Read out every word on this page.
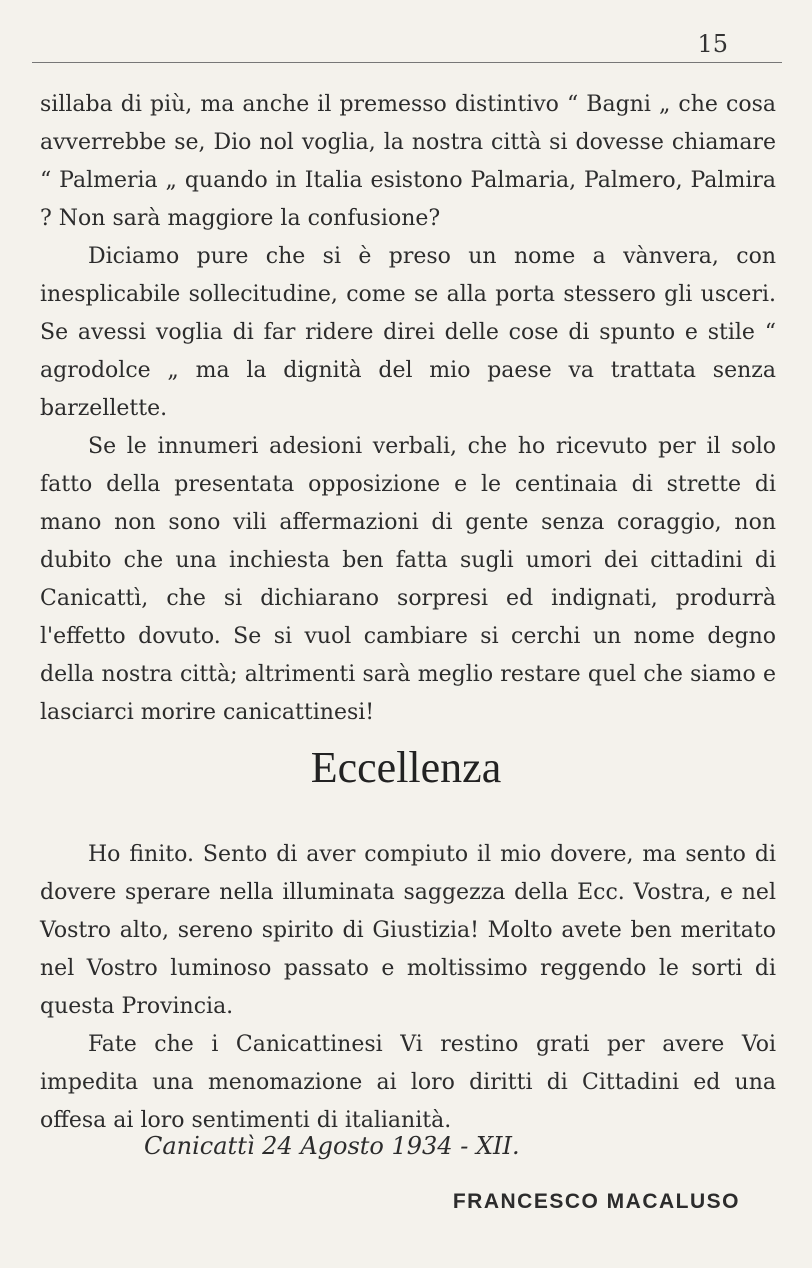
15

sillaba di più, ma anche il premesso distintivo “ Bagni „ che cosa avverrebbe se, Dio nol voglia, la nostra città si dovesse chiamare “ Palmeria „ quando in Italia esistono Palmaria, Palmero, Palmira ? Non sarà maggiore la confusione?

Diciamo pure che si è preso un nome a vànvera, con inesplicabile sollecitudine, come se alla porta stessero gli usceri. Se avessi voglia di far ridere direi delle cose di spunto e stile “ agrodolce „ ma la dignità del mio paese va trattata senza barzellette.

Se le innumeri adesioni verbali, che ho ricevuto per il solo fatto della presentata opposizione e le centinaia di strette di mano non sono vili affermazioni di gente senza coraggio, non dubito che una inchiesta ben fatta sugli umori dei cittadini di Canicattì, che si dichiarano sorpresi ed indignati, produrrà l'effetto dovuto. Se si vuol cambiare si cerchi un nome degno della nostra città; altrimenti sarà meglio restare quel che siamo e lasciarci morire canicattinesi!

Eccellenza

Ho finito. Sento di aver compiuto il mio dovere, ma sento di dovere sperare nella illuminata saggezza della Ecc. Vostra, e nel Vostro alto, sereno spirito di Giustizia! Molto avete ben meritato nel Vostro luminoso passato e moltissimo reggendo le sorti di questa Provincia.

Fate che i Canicattinesi Vi restino grati per avere Voi impedita una menomazione ai loro diritti di Cittadini ed una offesa ai loro sentimenti di italianità.

Canicattì 24 Agosto 1934 - XII.
FRANCESCO MACALUSO
